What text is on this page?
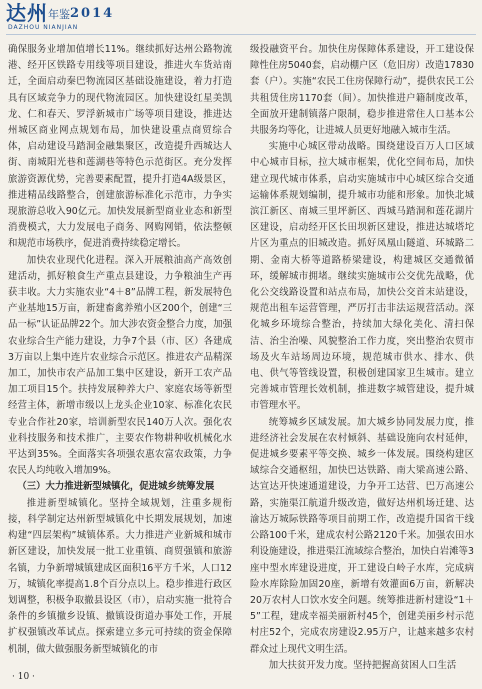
达州 年鉴 2014
DAZHOU NIANJIAN

确保服务业增加值增长11%。继续抓好达州公路物流港、经开区铁路专用线等项目建设，推进火车货站南迁，全面启动秦巴物流园区基础设施建设，着力打造具有区域竞争力的现代物流园区。加快建设红星美凯龙、仁和春天、罗浮新城市广场等项目建设，推进达州城区商业网点规划布局，加快建设重点商贸综合体，启动建设马踏洞金融集聚区，改造提升西城达人街、南城阳光巷和莲湖巷等特色示范街区。充分发挥旅游资源优势，完善要素配置，提升打造4A级景区，推进精品线路整合，创建旅游标准化示范市，力争实现旅游总收入90亿元。加快发展新型商业业态和新型消费模式，大力发展电子商务、网购网销，依法整顿和规范市场秩序，促进消费持续稳定增长。

加快农业现代化进程。深入开展粮油高产高效创建活动，抓好粮食生产重点县建设，力争粮油生产再获丰收。大力实施农业“4＋8”品牌工程，新发展特色产业基地15万亩，新建畜禽养殖小区200个，创建“三品一标”认证品牌22个。加大涉农资金整合力度，加强农业综合生产能力建设，力争7个县（市、区）各建成3万亩以上集中连片农业综合示范区。推进农产品精深加工，加快市农产品加工集中区建设，新开工农产品加工项目15个。扶持发展种养大户、家庭农场等新型经营主体，新增市级以上龙头企业10家、标准化农民专业合作社20家，培训新型农民140万人次。强化农业科技服务和技术推广，主要农作物耕种收机械化水平达到35%。全面落实各项强农惠农富农政策，力争农民人均纯收入增加9%。

（三）大力推进新型城镇化，促进城乡统筹发展

推进新型城镇化。坚持全域规划，注重多规衔接，科学制定达州新型城镇化中长期发展规划，加速构建“四层架构”城镇体系。大力推进产业新城和城市新区建设，加快发展一批工业重镇、商贸强镇和旅游名镇，力争新增城镇建成区面积16平方千米，人口12万，城镇化率提高1.8个百分点以上。稳步推进行政区划调整，积极争取撤县设区（市），启动实施一批符合条件的乡镇撤乡设镇、撤镇设街道办事处工作，开展扩权强镇改革试点。探索建立多元可持续的资金保障机制，做大做强服务新型城镇化的市

级投融资平台。加快住房保障体系建设，开工建设保障性住房5040套，启动棚户区（危旧房）改造17830套（户）。实施“农民工住房保障行动”，提供农民工公共租赁住房1170套（间）。加快推进户籍制度改革，全面放开建制镇落户限制，稳步推进常住人口基本公共服务均等化，让进城人员更好地融入城市生活。

实施中心城区带动战略。围绕建设百万人口区域中心城市目标，拉大城市框架，优化空间布局，加快建立现代城市体系，启动实施城市中心城区综合交通运输体系规划编制，提升城市功能和形象。加快北城滨江新区、南城三里坪新区、西城马踏洞和莲花湖片区建设，启动经开区长田坝新区建设，推进达城塔坨片区为重点的旧城改造。抓好凤凰山隧道、环城路二期、金南大桥等道路桥梁建设，构建城区交通微循环，缓解城市拥堵。继续实施城市公交优先战略，优化公交线路设置和站点布局，加快公交首末站建设，规范出租车运营管理，严厉打击非法运规营活动。深化城乡环境综合整治，持续加大绿化美化、清扫保洁、治尘治噪、风貌整治工作力度，突出整治农贸市场及火车站场周边环境，规范城市供水、排水、供电、供气等管线设置，积极创建国家卫生城市。建立完善城市管理长效机制，推进数字城管建设，提升城市管理水平。

统筹城乡区域发展。加大城乡协同发展力度，推进经济社会发展在农村倾斜、基础设施向农村延伸，促进城乡要素平等交换、城乡一体发展。围绕构建区域综合交通枢纽，加快巴达铁路、南大梁高速公路、达宣达开快速通道建设，力争开工达营、巴万高速公路，实施渠江航道升级改造，做好达州机场迁建、达渝达万城际铁路等项目前期工作，改造提升国省干线公路100千米，建成农村公路2120千米。加强农田水利设施建设，推进渠江流域综合整治，加快白岩滩等3座中型水库建设进度，开工建设白岭子水库，完成病险水库除险加固20座，新增有效灌面6万亩，新解决20万农村人口饮水安全问题。统筹推进新村建设“1＋5”工程，建成幸福美丽新村45个，创建美丽乡村示范村庄52个，完成农房建设2.95万户，让越来越多农村群众过上现代文明生活。

加大扶贫开发力度。坚持把握高贫困人口生活

· 10 ·
